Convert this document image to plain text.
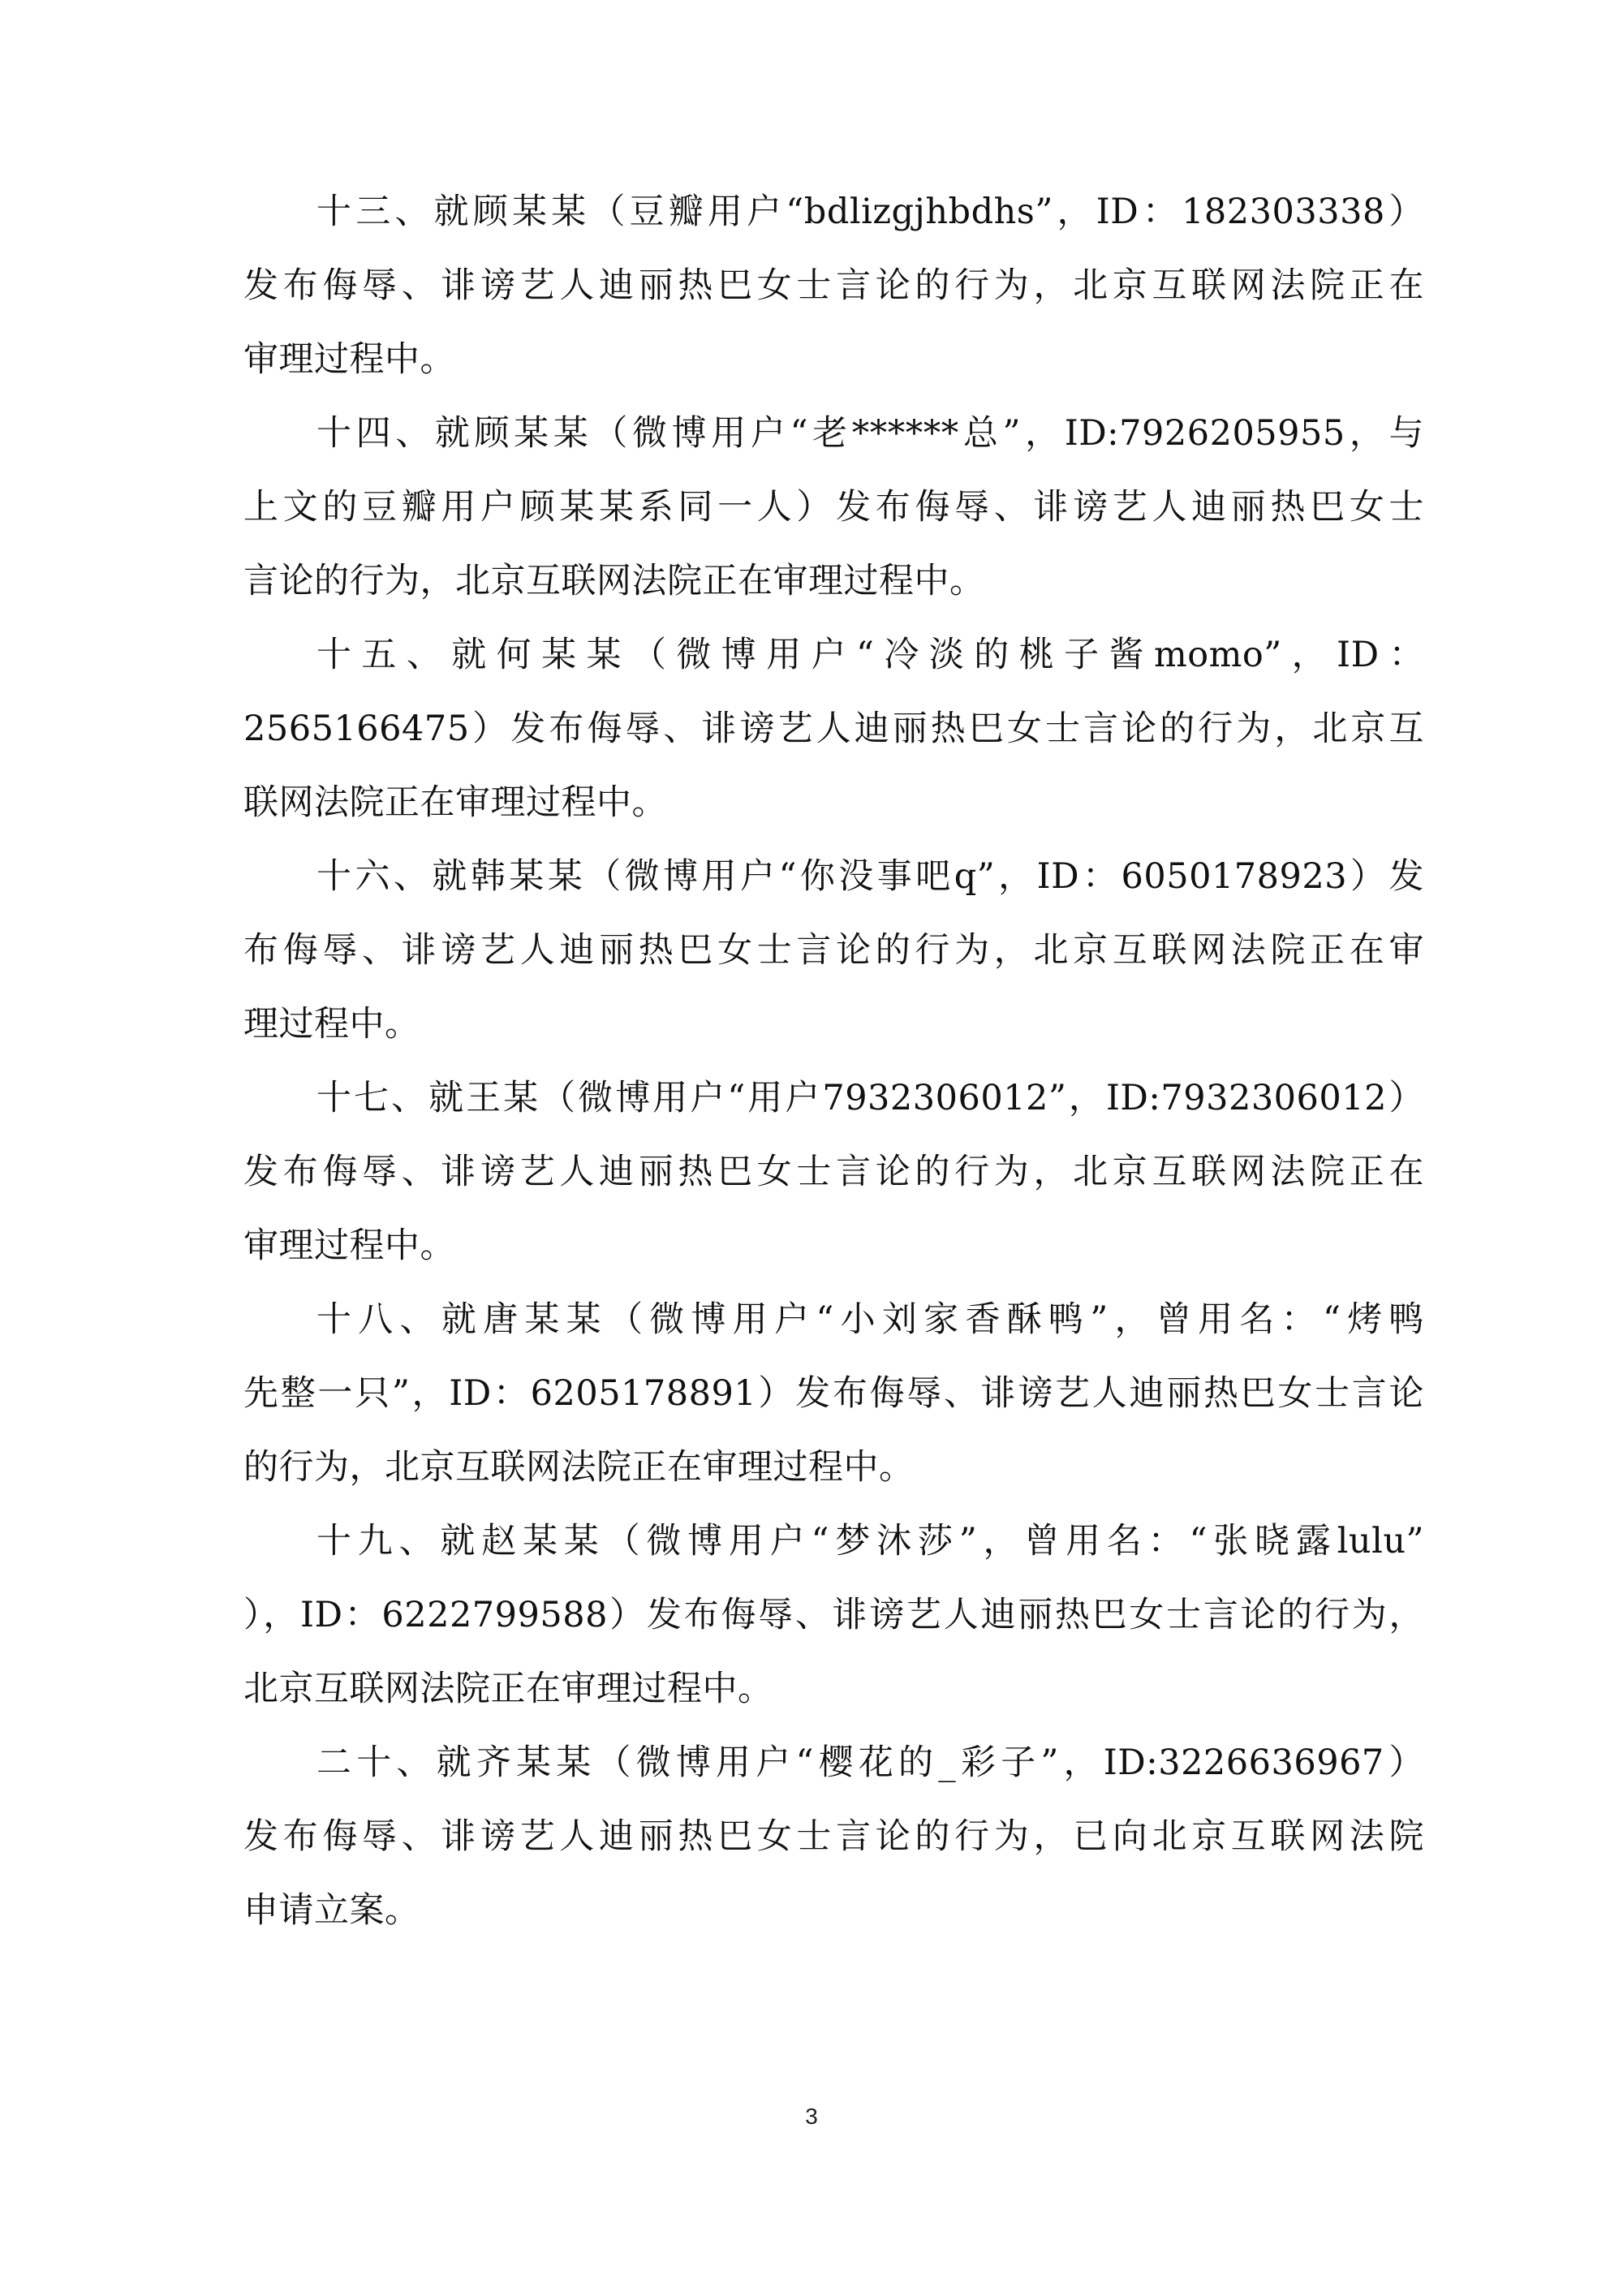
十三、就顾某某（豆瓣用户“bdlizgjhbdhs”，ID：182303338）
发布侮辱、诽谤艺人迪丽热巴女士言论的行为，北京互联网法院正在
审理过程中。
十四、就顾某某（微博用户“老******总”，ID:7926205955，与
上文的豆瓣用户顾某某系同一人）发布侮辱、诽谤艺人迪丽热巴女士
言论的行为，北京互联网法院正在审理过程中。
十五、就何某某（微博用户“冷淡的桃子酱momo”，ID：
2565166475）发布侮辱、诽谤艺人迪丽热巴女士言论的行为，北京互
联网法院正在审理过程中。
十六、就韩某某（微博用户“你没事吧q”，ID：6050178923）发
布侮辱、诽谤艺人迪丽热巴女士言论的行为，北京互联网法院正在审
理过程中。
十七、就王某（微博用户“用户7932306012”，ID:7932306012）
发布侮辱、诽谤艺人迪丽热巴女士言论的行为，北京互联网法院正在
审理过程中。
十八、就唐某某（微博用户“小刘家香酥鸭”，曾用名：“烤鸭
先整一只”，ID：6205178891）发布侮辱、诽谤艺人迪丽热巴女士言论
的行为，北京互联网法院正在审理过程中。
十九、就赵某某（微博用户“梦沐莎”，曾用名：“张晓露lulu”
），ID：6222799588）发布侮辱、诽谤艺人迪丽热巴女士言论的行为，
北京互联网法院正在审理过程中。
二十、就齐某某（微博用户“樱花的_彩子”，ID:3226636967）
发布侮辱、诽谤艺人迪丽热巴女士言论的行为，已向北京互联网法院
申请立案。
3
